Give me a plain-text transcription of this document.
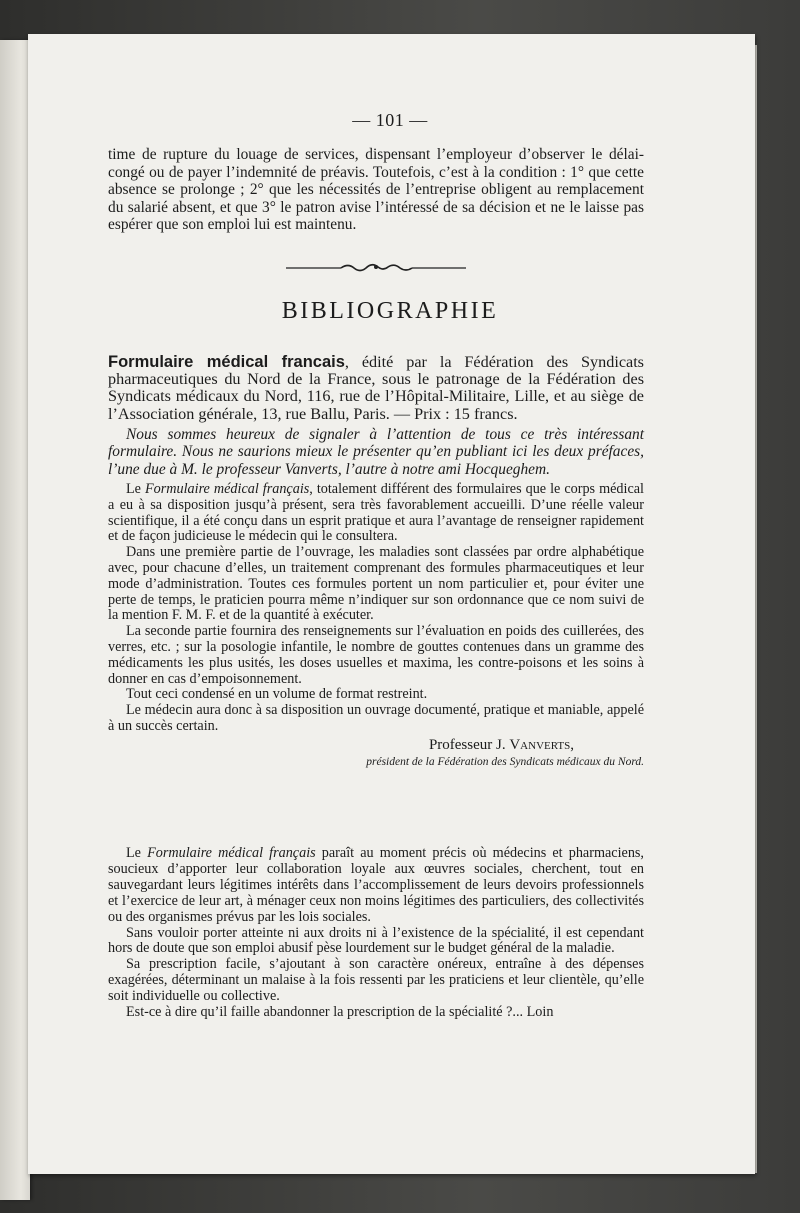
— 101 —

time de rupture du louage de services, dispensant l’employeur d’observer le délai-congé ou de payer l’indemnité de préavis. Toutefois, c’est à la condition : 1° que cette absence se prolonge ; 2° que les nécessités de l’entreprise obligent au remplacement du salarié absent, et que 3° le patron avise l’intéressé de sa décision et ne le laisse pas espérer que son emploi lui est maintenu.

BIBLIOGRAPHIE

Formulaire médical francais, édité par la Fédération des Syndicats pharmaceutiques du Nord de la France, sous le patronage de la Fédération des Syndicats médicaux du Nord, 116, rue de l’Hôpital-Militaire, Lille, et au siège de l’Association générale, 13, rue Ballu, Paris. — Prix : 15 francs.

Nous sommes heureux de signaler à l’attention de tous ce très intéressant formulaire. Nous ne saurions mieux le présenter qu’en publiant ici les deux préfaces, l’une due à M. le professeur Vanverts, l’autre à notre ami Hocqueghem.

Le Formulaire médical français, totalement différent des formulaires que le corps médical a eu à sa disposition jusqu’à présent, sera très favorablement accueilli. D’une réelle valeur scientifique, il a été conçu dans un esprit pratique et aura l’avantage de renseigner rapidement et de façon judicieuse le médecin qui le consultera.

Dans une première partie de l’ouvrage, les maladies sont classées par ordre alphabétique avec, pour chacune d’elles, un traitement comprenant des formules pharmaceutiques et leur mode d’administration. Toutes ces formules portent un nom particulier et, pour éviter une perte de temps, le praticien pourra même n’indiquer sur son ordonnance que ce nom suivi de la mention F. M. F. et de la quantité à exécuter.

La seconde partie fournira des renseignements sur l’évaluation en poids des cuillerées, des verres, etc. ; sur la posologie infantile, le nombre de gouttes contenues dans un gramme des médicaments les plus usités, les doses usuelles et maxima, les contre-poisons et les soins à donner en cas d’empoisonnement.

Tout ceci condensé en un volume de format restreint.

Le médecin aura donc à sa disposition un ouvrage documenté, pratique et maniable, appelé à un succès certain.

Professeur J. Vanverts,

président de la Fédération des Syndicats médicaux du Nord.

Le Formulaire médical français paraît au moment précis où médecins et pharmaciens, soucieux d’apporter leur collaboration loyale aux œuvres sociales, cherchent, tout en sauvegardant leurs légitimes intérêts dans l’accomplissement de leurs devoirs professionnels et l’exercice de leur art, à ménager ceux non moins légitimes des particuliers, des collectivités ou des organismes prévus par les lois sociales.

Sans vouloir porter atteinte ni aux droits ni à l’existence de la spécialité, il est cependant hors de doute que son emploi abusif pèse lourdement sur le budget général de la maladie.

Sa prescription facile, s’ajoutant à son caractère onéreux, entraîne à des dépenses exagérées, déterminant un malaise à la fois ressenti par les praticiens et leur clientèle, qu’elle soit individuelle ou collective.

Est-ce à dire qu’il faille abandonner la prescription de la spécialité ?... Loin
